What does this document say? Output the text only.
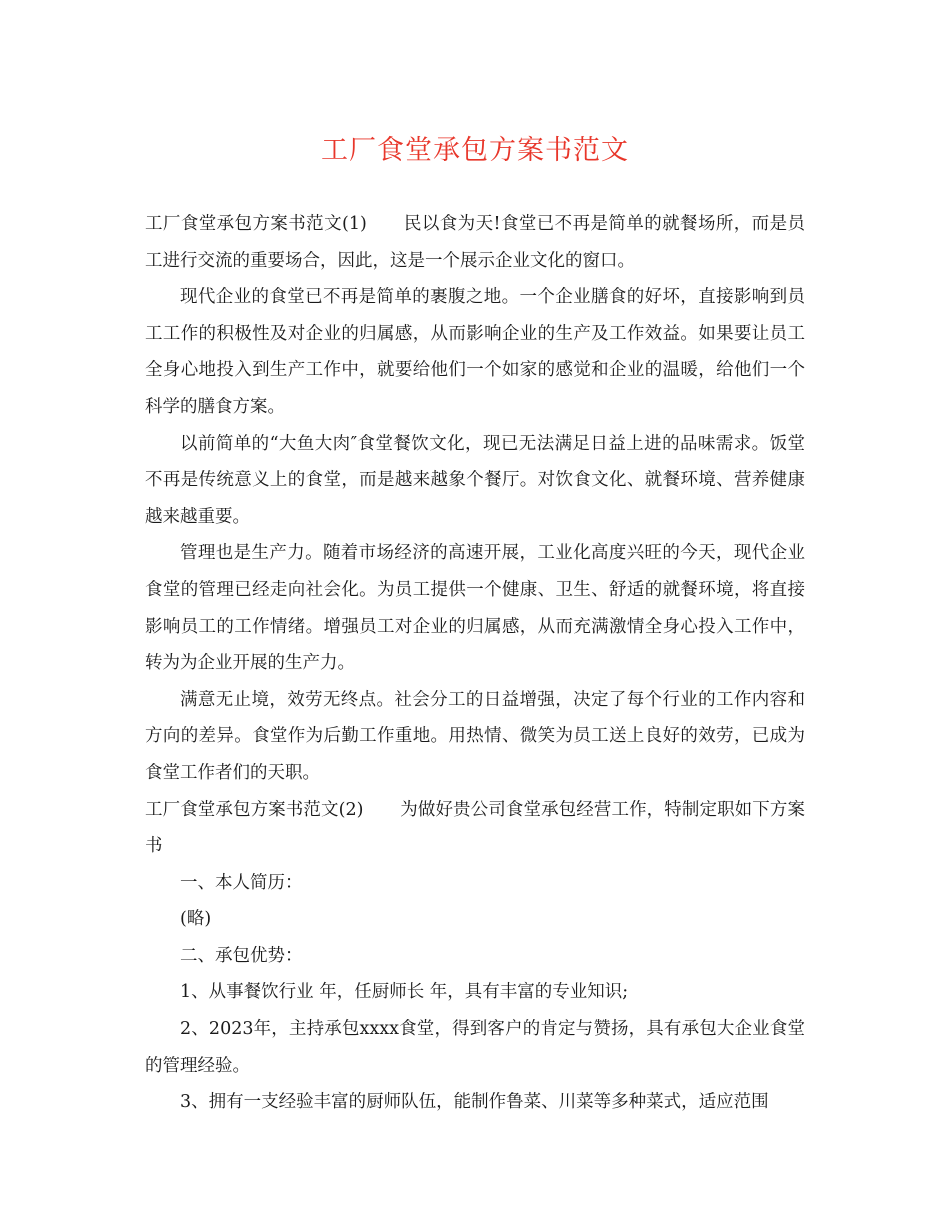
工厂食堂承包方案书范文

工厂食堂承包方案书范文(1) 民以食为天!食堂已不再是简单的就餐场所，而是员工进行交流的重要场合，因此，这是一个展示企业文化的窗口。

现代企业的食堂已不再是简单的裹腹之地。一个企业膳食的好坏，直接影响到员工工作的积极性及对企业的归属感，从而影响企业的生产及工作效益。如果要让员工全身心地投入到生产工作中，就要给他们一个如家的感觉和企业的温暖，给他们一个科学的膳食方案。

以前简单的“大鱼大肉″食堂餐饮文化，现已无法满足日益上进的品味需求。饭堂不再是传统意义上的食堂，而是越来越象个餐厅。对饮食文化、就餐环境、营养健康越来越重要。

管理也是生产力。随着市场经济的高速开展，工业化高度兴旺的今天，现代企业食堂的管理已经走向社会化。为员工提供一个健康、卫生、舒适的就餐环境，将直接影响员工的工作情绪。增强员工对企业的归属感，从而充满激情全身心投入工作中，转为为企业开展的生产力。

满意无止境，效劳无终点。社会分工的日益增强，决定了每个行业的工作内容和方向的差异。食堂作为后勤工作重地。用热情、微笑为员工送上良好的效劳，已成为食堂工作者们的天职。

工厂食堂承包方案书范文(2) 为做好贵公司食堂承包经营工作，特制定职如下方案书

一、本人简历：

(略)

二、承包优势：

1、从事餐饮行业 年，任厨师长 年，具有丰富的专业知识;

2、2023年，主持承包xxxx食堂，得到客户的肯定与赞扬，具有承包大企业食堂的管理经验。

3、拥有一支经验丰富的厨师队伍，能制作鲁菜、川菜等多种菜式，适应范围
